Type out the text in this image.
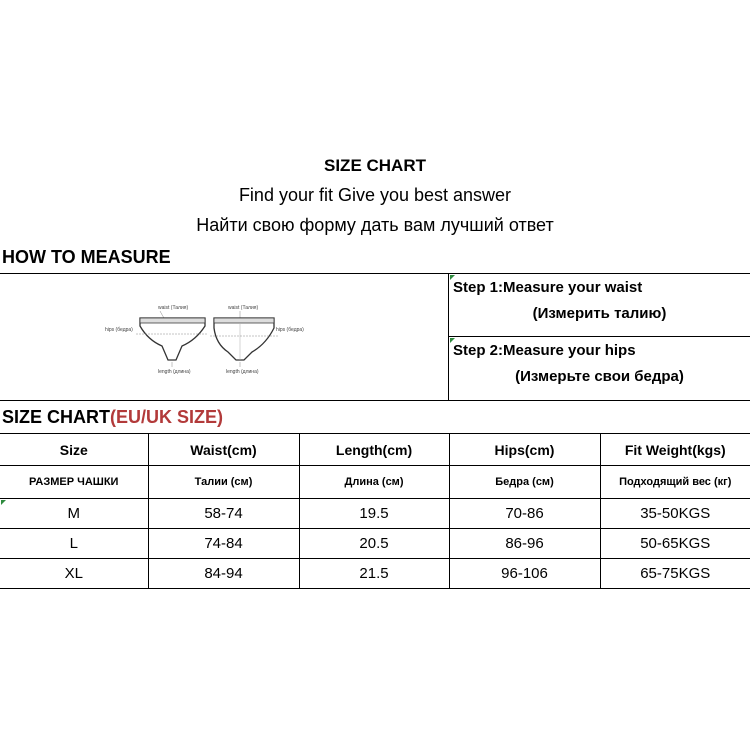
SIZE CHART
Find your fit Give you best answer
Найти свою форму дать вам лучший ответ
HOW TO MEASURE
waist (Талия)
hips (бедра)
length (длина)
waist (Талия)
hips (бедра)
length (длина)
Step 1:Measure your waist
(Измерить талию)
Step 2:Measure your hips
(Измерьте свои бедра)
SIZE CHART(EU/UK SIZE)
Size	Waist(cm)	Length(cm)	Hips(cm)	Fit Weight(kgs)
РАЗМЕР ЧАШКИ	Талии (см)	Длина (см)	Бедра (см)	Подходящий вес (кг)
M	58-74	19.5	70-86	35-50KGS
L	74-84	20.5	86-96	50-65KGS
XL	84-94	21.5	96-106	65-75KGS
